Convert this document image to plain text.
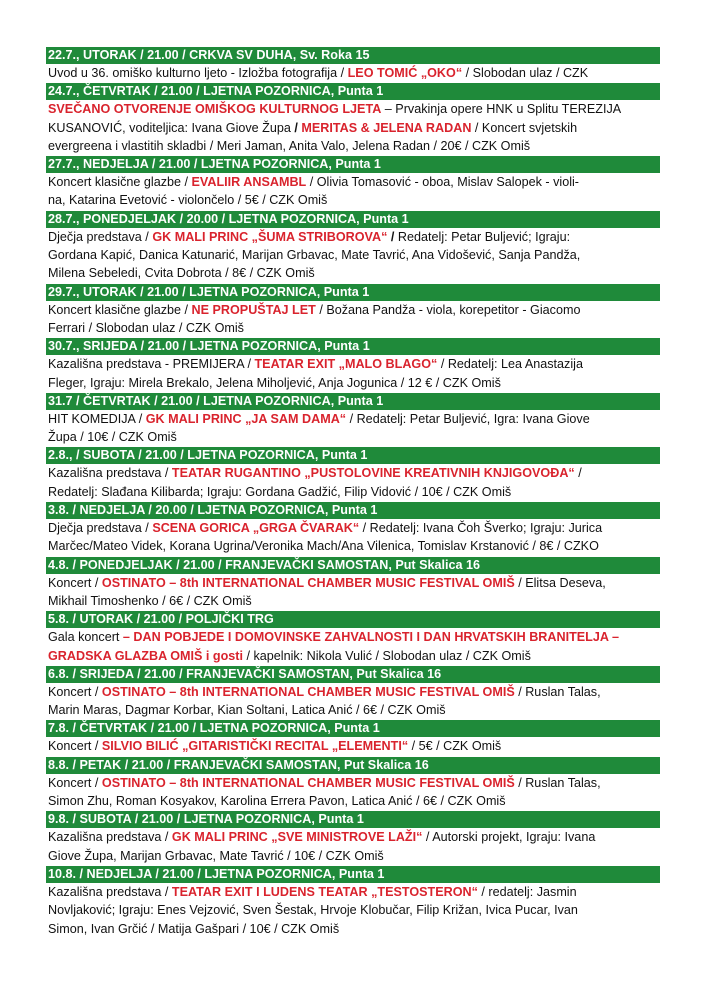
22.7., UTORAK / 21.00 / CRKVA SV DUHA, Sv. Roka 15
Uvod u 36. omiško kulturno ljeto - Izložba fotografija / LEO TOMIĆ „OKO“ / Slobodan ulaz / CZK
24.7., ČETVRTAK / 21.00 / LJETNA POZORNICA, Punta 1
SVEČANO OTVORENJE OMIŠKOG KULTURNOG LJETA – Prvakinja opere HNK u Splitu TEREZIJA
KUSANOVIĆ, voditeljica: Ivana Giove Župa / MERITAS & JELENA RADAN / Koncert svjetskih
evergreena i vlastitih skladbi / Meri Jaman, Anita Valo, Jelena Radan / 20€ / CZK Omiš
27.7., NEDJELJA / 21.00 / LJETNA POZORNICA, Punta 1
Koncert klasične glazbe / EVALIIR ANSAMBL / Olivia Tomasović - oboa, Mislav Salopek - violi-
na, Katarina Evetović - violončelo / 5€ / CZK Omiš
28.7., PONEDJELJAK / 20.00 / LJETNA POZORNICA, Punta 1
Dječja predstava / GK MALI PRINC „ŠUMA STRIBOROVA“ / Redatelj: Petar Buljević; Igraju:
Gordana Kapić, Danica Katunarić, Marijan Grbavac, Mate Tavrić, Ana Vidošević, Sanja Pandža,
Milena Sebeledi, Cvita Dobrota / 8€ / CZK Omiš
29.7., UTORAK / 21.00 / LJETNA POZORNICA, Punta 1
Koncert klasične glazbe / NE PROPUŠTAJ LET / Božana Pandža - viola, korepetitor - Giacomo
Ferrari / Slobodan ulaz / CZK Omiš
30.7., SRIJEDA / 21.00 / LJETNA POZORNICA, Punta 1
Kazališna predstava - PREMIJERA / TEATAR EXIT „MALO BLAGO“ / Redatelj: Lea Anastazija
Fleger, Igraju: Mirela Brekalo, Jelena Miholjević, Anja Jogunica / 12 € / CZK Omiš
31.7 / ČETVRTAK / 21.00 / LJETNA POZORNICA, Punta 1
HIT KOMEDIJA / GK MALI PRINC „JA SAM DAMA“ / Redatelj: Petar Buljević, Igra: Ivana Giove
Župa / 10€ / CZK Omiš
2.8., / SUBOTA / 21.00 / LJETNA POZORNICA, Punta 1
Kazališna predstava / TEATAR RUGANTINO „PUSTOLOVINE KREATIVNIH KNJIGOVOĐA“ /
Redatelj: Slađana Kilibarda; Igraju: Gordana Gadžić, Filip Vidović / 10€ / CZK Omiš
3.8. / NEDJELJA / 20.00 / LJETNA POZORNICA, Punta 1
Dječja predstava / SCENA GORICA „GRGA ČVARAK“ / Redatelj: Ivana Čoh Šverko; Igraju: Jurica
Marčec/Mateo Videk, Korana Ugrina/Veronika Mach/Ana Vilenica, Tomislav Krstanović / 8€ / CZKO
4.8. / PONEDJELJAK / 21.00 / FRANJEVAČKI SAMOSTAN, Put Skalica 16
Koncert / OSTINATO – 8th INTERNATIONAL CHAMBER MUSIC FESTIVAL OMIŠ / Elitsa Deseva,
Mikhail Timoshenko / 6€ / CZK Omiš
5.8. / UTORAK / 21.00 / POLJIČKI TRG
Gala koncert – DAN POBJEDE I DOMOVINSKE ZAHVALNOSTI I DAN HRVATSKIH BRANITELJA –
GRADSKA GLAZBA OMIŠ i gosti / kapelnik: Nikola Vulić / Slobodan ulaz / CZK Omiš
6.8. / SRIJEDA / 21.00 / FRANJEVAČKI SAMOSTAN, Put Skalica 16
Koncert / OSTINATO – 8th INTERNATIONAL CHAMBER MUSIC FESTIVAL OMIŠ / Ruslan Talas,
Marin Maras, Dagmar Korbar, Kian Soltani, Latica Anić / 6€ / CZK Omiš
7.8. / ČETVRTAK / 21.00 / LJETNA POZORNICA, Punta 1
Koncert / SILVIO BILIĆ „GITARISTIČKI RECITAL „ELEMENTI“ / 5€ / CZK Omiš
8.8. / PETAK / 21.00 / FRANJEVAČKI SAMOSTAN, Put Skalica 16
Koncert / OSTINATO – 8th INTERNATIONAL CHAMBER MUSIC FESTIVAL OMIŠ / Ruslan Talas,
Simon Zhu, Roman Kosyakov, Karolina Errera Pavon, Latica Anić / 6€ / CZK Omiš
9.8. / SUBOTA / 21.00 / LJETNA POZORNICA, Punta 1
Kazališna predstava / GK MALI PRINC „SVE MINISTROVE LAŽI“ / Autorski projekt, Igraju: Ivana
Giove Župa, Marijan Grbavac, Mate Tavrić / 10€ / CZK Omiš
10.8. / NEDJELJA / 21.00 / LJETNA POZORNICA, Punta 1
Kazališna predstava / TEATAR EXIT I LUDENS TEATAR „TESTOSTERON“ / redatelj: Jasmin
Novljaković; Igraju: Enes Vejzović, Sven Šestak, Hrvoje Klobučar, Filip Križan, Ivica Pucar, Ivan
Simon, Ivan Grčić / Matija Gašpari / 10€ / CZK Omiš
